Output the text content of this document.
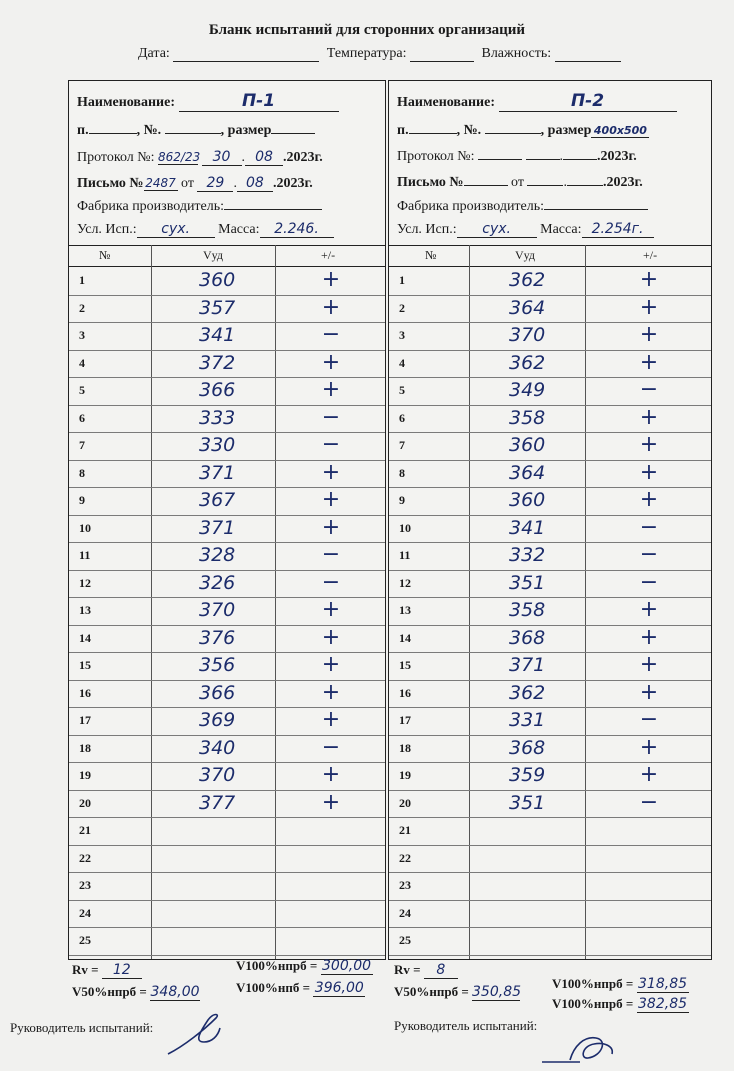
Бланк испытаний для сторонних организаций
Дата:	Температура:	Влажность:
Наименование:	П-1
п.	, №.	, размер
Протокол №: 862/23 30 . 08 .2023г.
Письмо № 2487 от 29 . 08 .2023г.
Фабрика производитель:
Усл. Исп.: сух. Масса: 2.246.
№	Vуд	+/-
1	360	+
2	357	+
3	341	−
4	372	+
5	366	+
6	333	−
7	330	−
8	371	+
9	367	+
10	371	+
11	328	−
12	326	−
13	370	+
14	376	+
15	356	+
16	366	+
17	369	+
18	340	−
19	370	+
20	377	+
21
22
23
24
25
Наименование:	П-2
п.	, №.	, размер 400х500
Протокол №:	. .2023г.
Письмо №	от	.	.2023г.
Фабрика производитель:
Усл. Исп.: сух. Масса: 2.254г.
№	Vуд	+/-
1	362	+
2	364	+
3	370	+
4	362	+
5	349	−
6	358	+
7	360	+
8	364	+
9	360	+
10	341	−
11	332	−
12	351	−
13	358	+
14	368	+
15	371	+
16	362	+
17	331	−
18	368	+
19	359	+
20	351	−
21
22
23
24
25
Rv = 12
V50%нпрб = 348,00
V100%нпрб = 300,00
V100%нпб = 396,00
Rv = 8
V50%нпрб = 350,85
V100%нпрб = 318,85
V100%нпрб = 382,85
Руководитель испытаний:	Руководитель испытаний:
